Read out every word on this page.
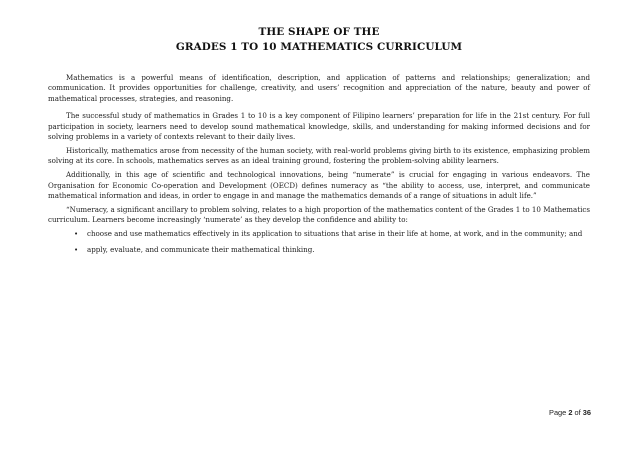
THE SHAPE OF THE
GRADES 1 TO 10 MATHEMATICS CURRICULUM

Mathematics is a powerful means of identification, description, and application of patterns and relationships; generalization; and communication. It provides opportunities for challenge, creativity, and users’ recognition and appreciation of the nature, beauty and power of mathematical processes, strategies, and reasoning.

The successful study of mathematics in Grades 1 to 10 is a key component of Filipino learners’ preparation for life in the 21st century. For full participation in society, learners need to develop sound mathematical knowledge, skills, and understanding for making informed decisions and for solving problems in a variety of contexts relevant to their daily lives.

Historically, mathematics arose from necessity of the human society, with real-world problems giving birth to its existence, emphasizing problem solving at its core. In schools, mathematics serves as an ideal training ground, fostering the problem-solving ability learners.

Additionally, in this age of scientific and technological innovations, being “numerate” is crucial for engaging in various endeavors. The Organisation for Economic Co-operation and Development (OECD) defines numeracy as “the ability to access, use, interpret, and communicate mathematical information and ideas, in order to engage in and manage the mathematics demands of a range of situations in adult life.”

“Numeracy, a significant ancillary to problem solving, relates to a high proportion of the mathematics content of the Grades 1 to 10 Mathematics curriculum. Learners become increasingly ‘numerate’ as they develop the confidence and ability to:

• choose and use mathematics effectively in its application to situations that arise in their life at home, at work, and in the community; and
• apply, evaluate, and communicate their mathematical thinking.
Page 2 of 36
